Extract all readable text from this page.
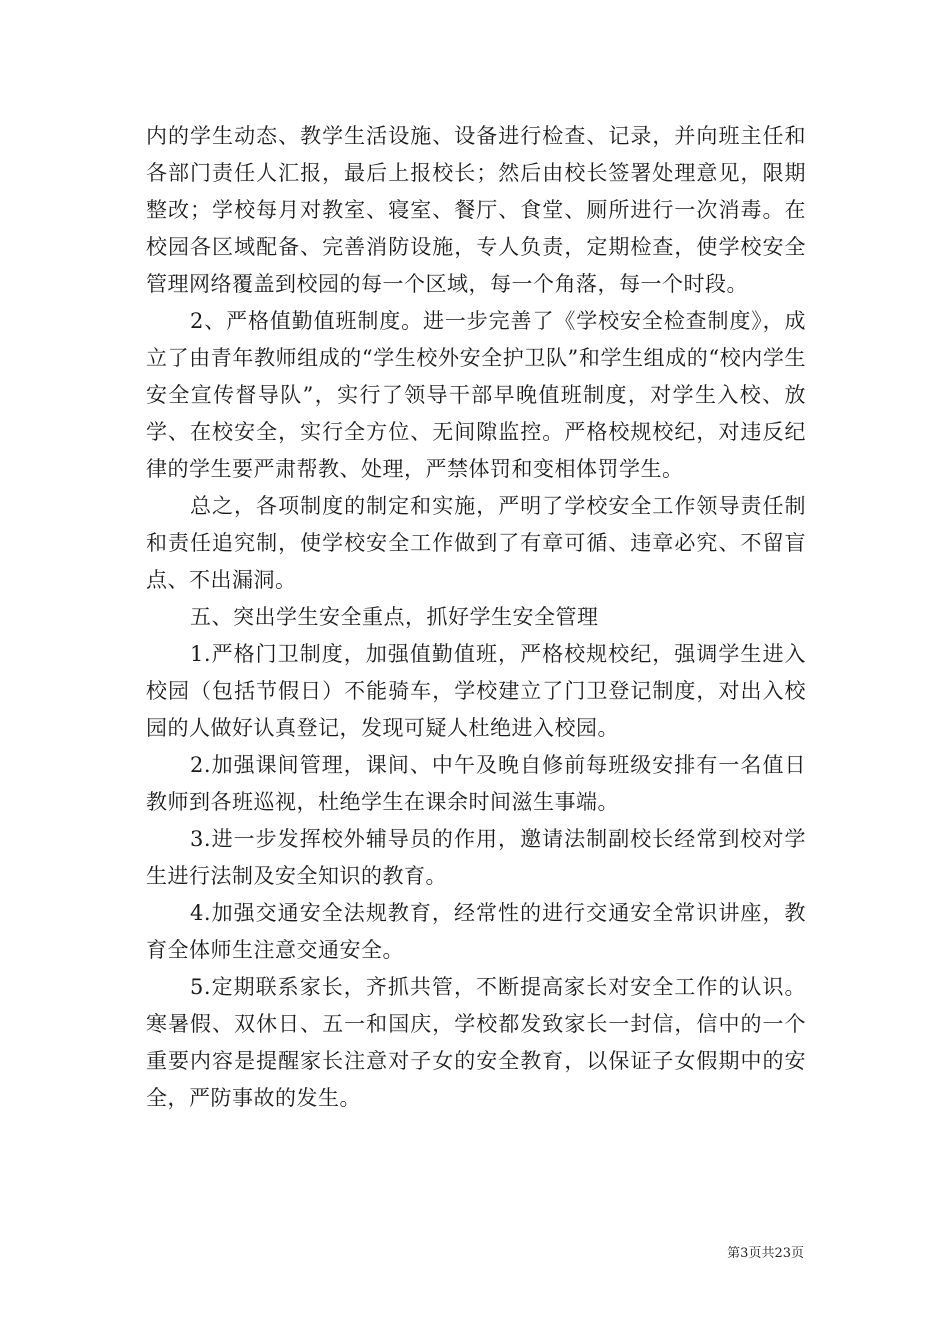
内的学生动态、教学生活设施、设备进行检查、记录，并向班主任和各部门责任人汇报，最后上报校长；然后由校长签署处理意见，限期整改；学校每月对教室、寝室、餐厅、食堂、厕所进行一次消毒。在校园各区域配备、完善消防设施，专人负责，定期检查，使学校安全管理网络覆盖到校园的每一个区域，每一个角落，每一个时段。

2、严格值勤值班制度。进一步完善了《学校安全检查制度》，成立了由青年教师组成的“学生校外安全护卫队”和学生组成的“校内学生安全宣传督导队”，实行了领导干部早晚值班制度，对学生入校、放学、在校安全，实行全方位、无间隙监控。严格校规校纪，对违反纪律的学生要严肃帮教、处理，严禁体罚和变相体罚学生。

总之，各项制度的制定和实施，严明了学校安全工作领导责任制和责任追究制，使学校安全工作做到了有章可循、违章必究、不留盲点、不出漏洞。

五、突出学生安全重点，抓好学生安全管理

1.严格门卫制度，加强值勤值班，严格校规校纪，强调学生进入校园（包括节假日）不能骑车，学校建立了门卫登记制度，对出入校园的人做好认真登记，发现可疑人杜绝进入校园。

2.加强课间管理，课间、中午及晚自修前每班级安排有一名值日教师到各班巡视，杜绝学生在课余时间滋生事端。

3.进一步发挥校外辅导员的作用，邀请法制副校长经常到校对学生进行法制及安全知识的教育。

4.加强交通安全法规教育，经常性的进行交通安全常识讲座，教育全体师生注意交通安全。

5.定期联系家长，齐抓共管，不断提高家长对安全工作的认识。寒暑假、双休日、五一和国庆，学校都发致家长一封信，信中的一个重要内容是提醒家长注意对子女的安全教育，以保证子女假期中的安全，严防事故的发生。

第3页共23页
